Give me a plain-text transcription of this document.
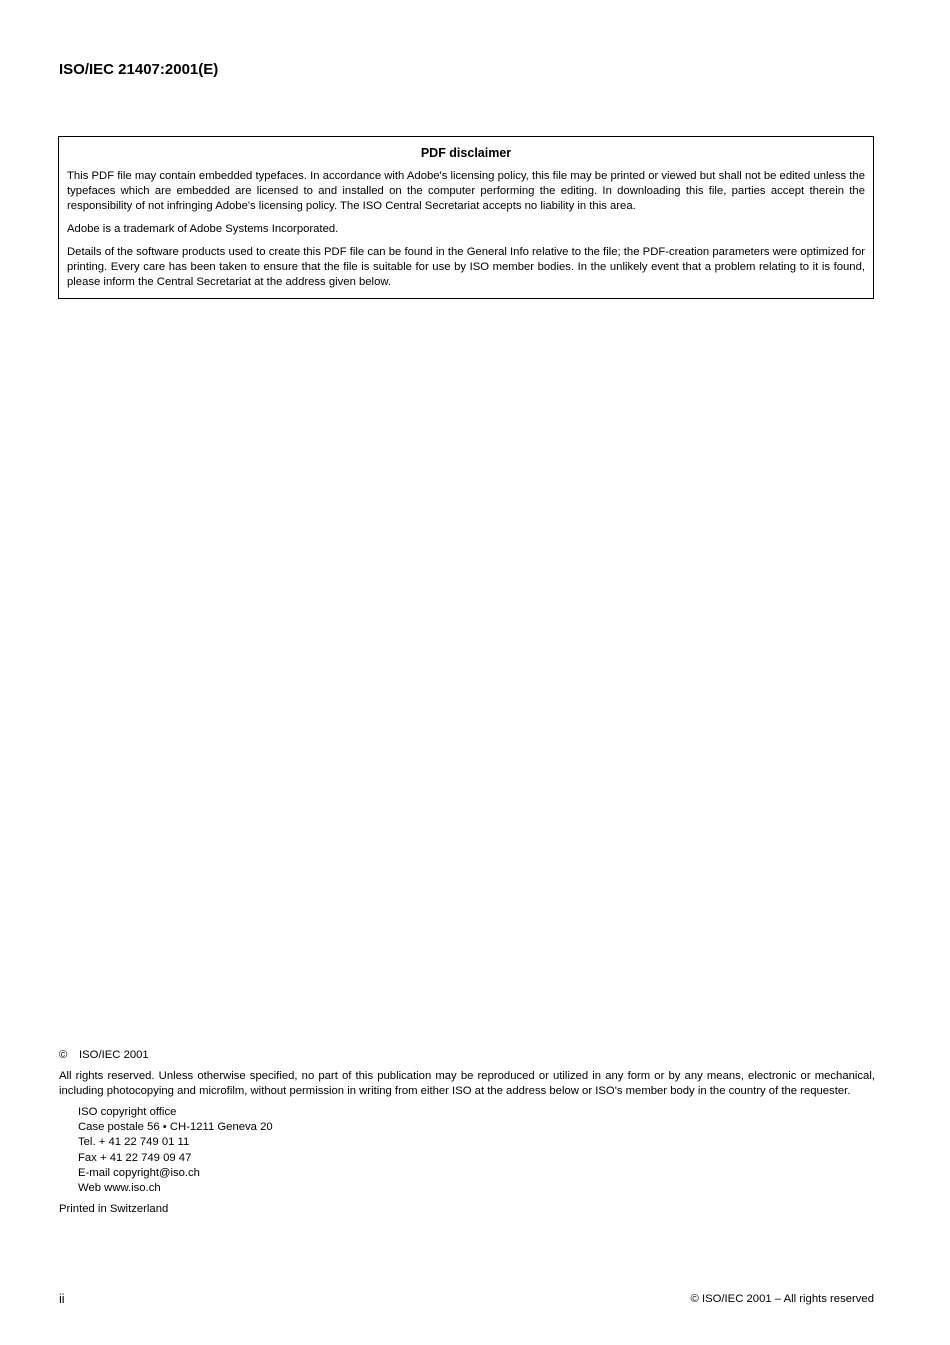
ISO/IEC 21407:2001(E)
PDF disclaimer

This PDF file may contain embedded typefaces. In accordance with Adobe's licensing policy, this file may be printed or viewed but shall not be edited unless the typefaces which are embedded are licensed to and installed on the computer performing the editing. In downloading this file, parties accept therein the responsibility of not infringing Adobe's licensing policy. The ISO Central Secretariat accepts no liability in this area.

Adobe is a trademark of Adobe Systems Incorporated.

Details of the software products used to create this PDF file can be found in the General Info relative to the file; the PDF-creation parameters were optimized for printing. Every care has been taken to ensure that the file is suitable for use by ISO member bodies. In the unlikely event that a problem relating to it is found, please inform the Central Secretariat at the address given below.

© ISO/IEC 2001
All rights reserved. Unless otherwise specified, no part of this publication may be reproduced or utilized in any form or by any means, electronic or mechanical, including photocopying and microfilm, without permission in writing from either ISO at the address below or ISO's member body in the country of the requester.
ISO copyright office
Case postale 56 • CH-1211 Geneva 20
Tel. + 41 22 749 01 11
Fax + 41 22 749 09 47
E-mail copyright@iso.ch
Web www.iso.ch
Printed in Switzerland
ii	© ISO/IEC 2001 – All rights reserved
